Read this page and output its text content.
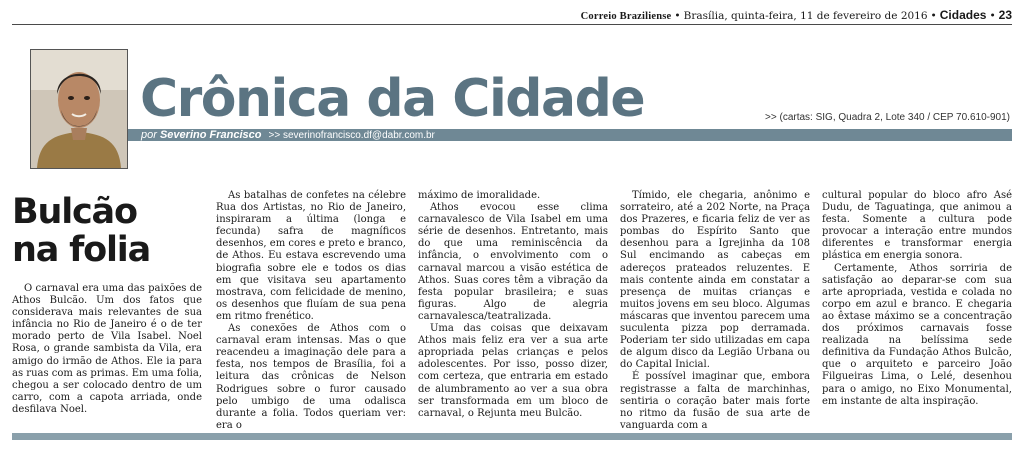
Correio Braziliense • Brasília, quinta-feira, 11 de fevereiro de 2016 • Cidades • 23
Crônica da Cidade
por Severino Francisco >> severinofrancisco.df@dabr.com.br
>> (cartas: SIG, Quadra 2, Lote 340 / CEP 70.610-901)
Bulcão
na folia

O carnaval era uma das paixões de Athos Bulcão. Um dos fatos que considerava mais relevantes de sua infância no Rio de Janeiro é o de ter morado perto de Vila Isabel. Noel Rosa, o grande sambista da Vila, era amigo do irmão de Athos. Ele ia para as ruas com as primas. Em uma folia, chegou a ser colocado dentro de um carro, com a capota arriada, onde desfilava Noel.

As batalhas de confetes na célebre Rua dos Artistas, no Rio de Janeiro, inspiraram a última (longa e fecunda) safra de magníficos desenhos, em cores e preto e branco, de Athos. Eu estava escrevendo uma biografia sobre ele e todos os dias em que visitava seu apartamento mostrava, com felicidade de menino, os desenhos que fluíam de sua pena em ritmo frenético.

As conexões de Athos com o carnaval eram intensas. Mas o que reacendeu a imaginação dele para a festa, nos tempos de Brasília, foi a leitura das crônicas de Nelson Rodrigues sobre o furor causado pelo umbigo de uma odalisca durante a folia. Todos queriam ver: era o

máximo de imoralidade.

Athos evocou esse clima carnavalesco de Vila Isabel em uma série de desenhos. Entretanto, mais do que uma reminiscência da infância, o envolvimento com o carnaval marcou a visão estética de Athos. Suas cores têm a vibração da festa popular brasileira; e suas figuras. Algo de alegria carnavalesca/teatralizada.

Uma das coisas que deixavam Athos mais feliz era ver a sua arte apropriada pelas crianças e pelos adolescentes. Por isso, posso dizer, com certeza, que entraria em estado de alumbramento ao ver a sua obra ser transformada em um bloco de carnaval, o Rejunta meu Bulcão.

Tímido, ele chegaria, anônimo e sorrateiro, até a 202 Norte, na Praça dos Prazeres, e ficaria feliz de ver as pombas do Espírito Santo que desenhou para a Igrejinha da 108 Sul encimando as cabeças em adereços prateados reluzentes. E mais contente ainda em constatar a presença de muitas crianças e muitos jovens em seu bloco. Algumas máscaras que inventou parecem uma suculenta pizza pop derramada. Poderiam ter sido utilizadas em capa de algum disco da Legião Urbana ou do Capital Inicial.

É possível imaginar que, embora registrasse a falta de marchinhas, sentiria o coração bater mais forte no ritmo da fusão de sua arte de vanguarda com a

cultural popular do bloco afro Asé Dudu, de Taguatinga, que animou a festa. Somente a cultura pode provocar a interação entre mundos diferentes e transformar energia plástica em energia sonora.

Certamente, Athos sorriria de satisfação ao deparar-se com sua arte apropriada, vestida e colada no corpo em azul e branco. E chegaria ao êxtase máximo se a concentração dos próximos carnavais fosse realizada na belíssima sede definitiva da Fundação Athos Bulcão, que o arquiteto e parceiro João Filgueiras Lima, o Lelé, desenhou para o amigo, no Eixo Monumental, em instante de alta inspiração.
